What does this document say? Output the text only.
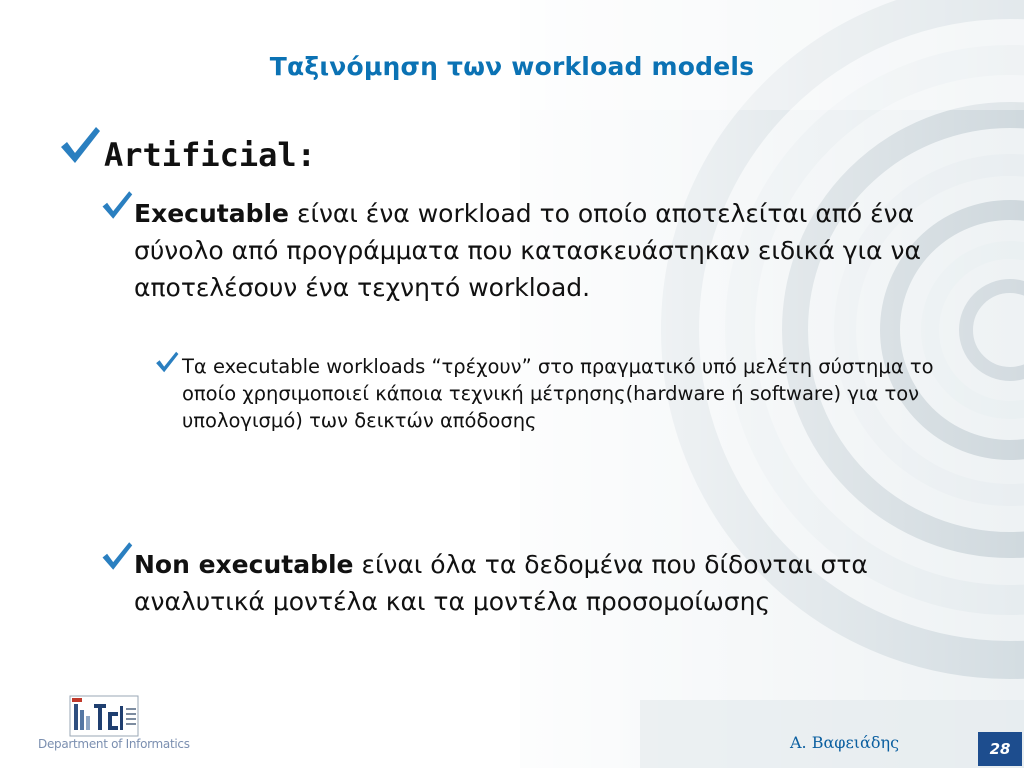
Ταξινόμηση των workload models
Artificial:
Executable είναι ένα workload το οποίο αποτελείται από ένα σύνολο από προγράμματα που κατασκευάστηκαν ειδικά για να αποτελέσουν ένα τεχνητό workload.
Τα executable workloads “τρέχουν” στο πραγματικό υπό μελέτη σύστημα το οποίο χρησιμοποιεί κάποια τεχνική μέτρησης(hardware ή software) για τον υπολογισμό) των δεικτών απόδοσης
Non executable είναι όλα τα δεδομένα που δίδονται στα αναλυτικά μοντέλα και τα μοντέλα προσομοίωσης
Department of Informatics	Α. Βαφειάδης	28
